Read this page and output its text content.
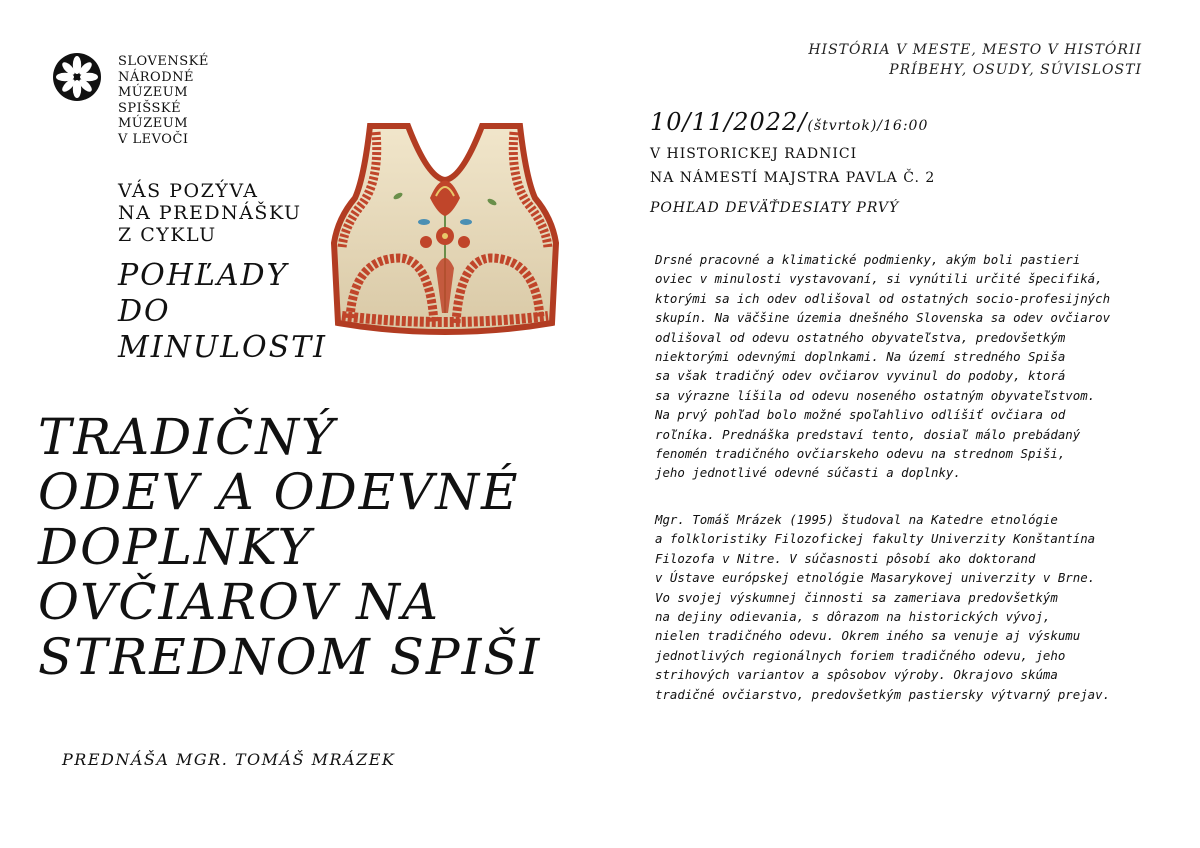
SLOVENSKÉ
NÁRODNÉ
MÚZEUM
SPIŠSKÉ
MÚZEUM
V LEVOČI
VÁS POZÝVA
NA PREDNÁŠKU
Z CYKLU
POHĽADY
DO
MINULOSTI
TRADIČNÝ
ODEV A ODEVNÉ
DOPLNKY
OVČIAROV NA
STREDNOM SPIŠI
PREDNÁŠA MGR. TOMÁŠ MRÁZEK
HISTÓRIA V MESTE, MESTO V HISTÓRII
PRÍBEHY, OSUDY, SÚVISLOSTI
10/11/2022/(štvrtok)/16:00
V HISTORICKEJ RADNICI
NA NÁMESTÍ MAJSTRA PAVLA Č. 2
POHĽAD DEVÄŤDESIATY PRVÝ
Drsné pracovné a klimatické podmienky, akým boli pastieri
oviec v minulosti vystavovaní, si vynútili určité špecifiká,
ktorými sa ich odev odlišoval od ostatných socio-profesijných
skupín. Na väčšine územia dnešného Slovenska sa odev ovčiarov
odlišoval od odevu ostatného obyvateľstva, predovšetkým
niektorými odevnými doplnkami. Na území stredného Spiša
sa však tradičný odev ovčiarov vyvinul do podoby, ktorá
sa výrazne líšila od odevu noseného ostatným obyvateľstvom.
Na prvý pohľad bolo možné spoľahlivo odlíšiť ovčiara od
roľníka. Prednáška predstaví tento, dosiaľ málo prebádaný
fenomén tradičného ovčiarskeho odevu na strednom Spiši,
jeho jednotlivé odevné súčasti a doplnky.
Mgr. Tomáš Mrázek (1995) študoval na Katedre etnológie
a folkloristiky Filozofickej fakulty Univerzity Konštantína
Filozofa v Nitre. V súčasnosti pôsobí ako doktorand
v Ústave európskej etnológie Masarykovej univerzity v Brne.
Vo svojej výskumnej činnosti sa zameriava predovšetkým
na dejiny odievania, s dôrazom na historických vývoj,
nielen tradičného odevu. Okrem iného sa venuje aj výskumu
jednotlivých regionálnych foriem tradičného odevu, jeho
strihových variantov a spôsobov výroby. Okrajovo skúma
tradičné ovčiarstvo, predovšetkým pastiersky výtvarný prejav.
